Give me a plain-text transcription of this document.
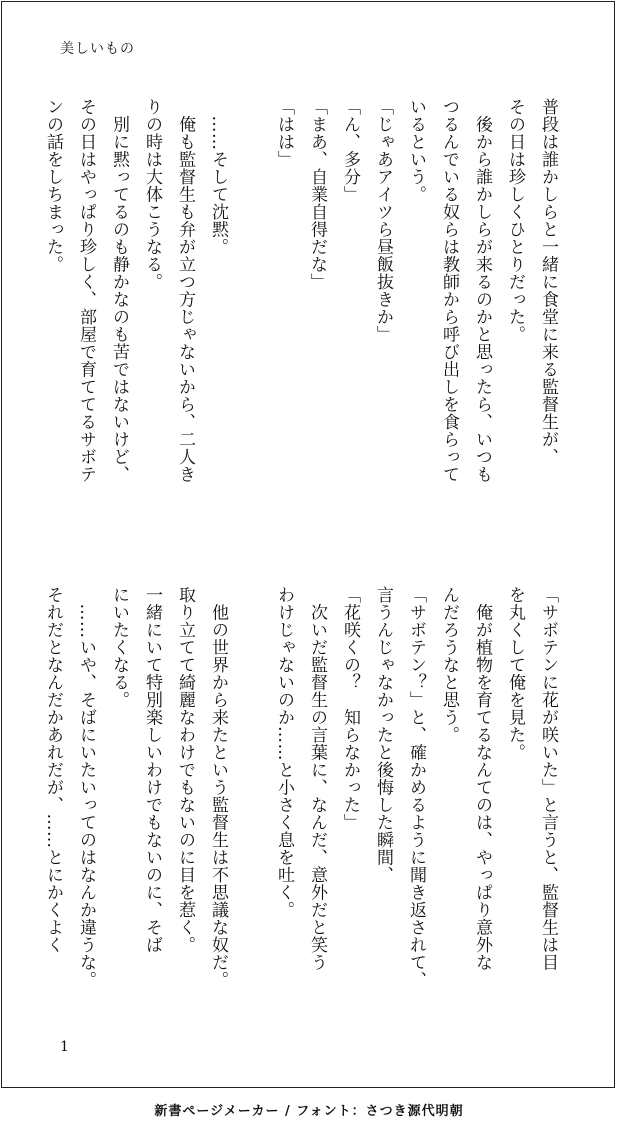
美しいもの
普段は誰かしらと一緒に食堂に来る監督生が、
その日は珍しくひとりだった。
　後から誰かしらが来るのかと思ったら、いつも
つるんでいる奴らは教師から呼び出しを食らって
いるという。
「じゃあアイツら昼飯抜きか」
「ん、多分」
「まあ、自業自得だな」
「はは」

　……そして沈黙。
　俺も監督生も弁が立つ方じゃないから、二人き
りの時は大体こうなる。
　別に黙ってるのも静かなのも苦ではないけど、
その日はやっぱり珍しく、部屋で育ててるサボテ
ンの話をしちまった。
「サボテンに花が咲いた」と言うと、監督生は目
を丸くして俺を見た。
　俺が植物を育てるなんてのは、やっぱり意外な
んだろうなと思う。
「サボテン？」と、確かめるように聞き返されて、
言うんじゃなかったと後悔した瞬間、
「花咲くの？　知らなかった」
　次いだ監督生の言葉に、なんだ、意外だと笑う
わけじゃないのか……と小さく息を吐く。

　他の世界から来たという監督生は不思議な奴だ。
取り立てて綺麗なわけでもないのに目を惹く。
一緒にいて特別楽しいわけでもないのに、そば
にいたくなる。
　……いや、そばにいたいってのはなんか違うな。
それだとなんだかあれだが、……とにかくよく
1
新書ページメーカー / フォント：さつき源代明朝
